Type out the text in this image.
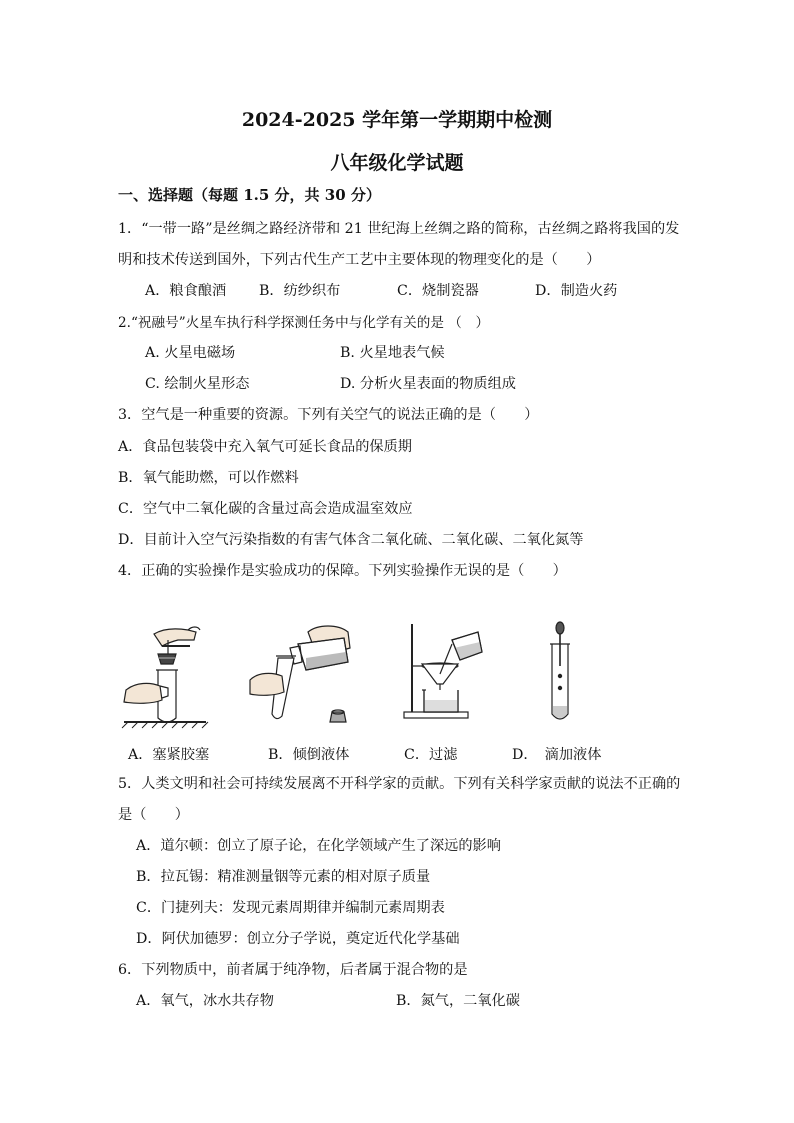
2024-2025 学年第一学期期中检测
八年级化学试题
一、选择题（每题 1.5 分，共 30 分）
1．“一带一路”是丝绸之路经济带和 21 世纪海上丝绸之路的简称，古丝绸之路将我国的发
明和技术传送到国外，下列古代生产工艺中主要体现的物理变化的是（　　）
A．粮食酿酒 B．纺纱织布	C．烧制瓷器	D．制造火药
2.“祝融号”火星车执行科学探测任务中与化学有关的是 （　）
A. 火星电磁场	B. 火星地表气候
C. 绘制火星形态	D. 分析火星表面的物质组成
3．空气是一种重要的资源。下列有关空气的说法正确的是（　　）
A．食品包装袋中充入氧气可延长食品的保质期
B．氧气能助燃，可以作燃料
C．空气中二氧化碳的含量过高会造成温室效应
D．目前计入空气污染指数的有害气体含二氧化硫、二氧化碳、二氧化氮等
4．正确的实验操作是实验成功的保障。下列实验操作无误的是（　　）
A．塞紧胶塞	B．倾倒液体	C．过滤	D．　滴加液体
5．人类文明和社会可持续发展离不开科学家的贡献。下列有关科学家贡献的说法不正确的
是（　　）
A．道尔顿：创立了原子论，在化学领域产生了深远的影响
B．拉瓦锡：精准测量铟等元素的相对原子质量
C．门捷列夫：发现元素周期律并编制元素周期表
D．阿伏加德罗：创立分子学说，奠定近代化学基础
6．下列物质中，前者属于纯净物，后者属于混合物的是
A．氧气，冰水共存物	B．氮气，二氧化碳
